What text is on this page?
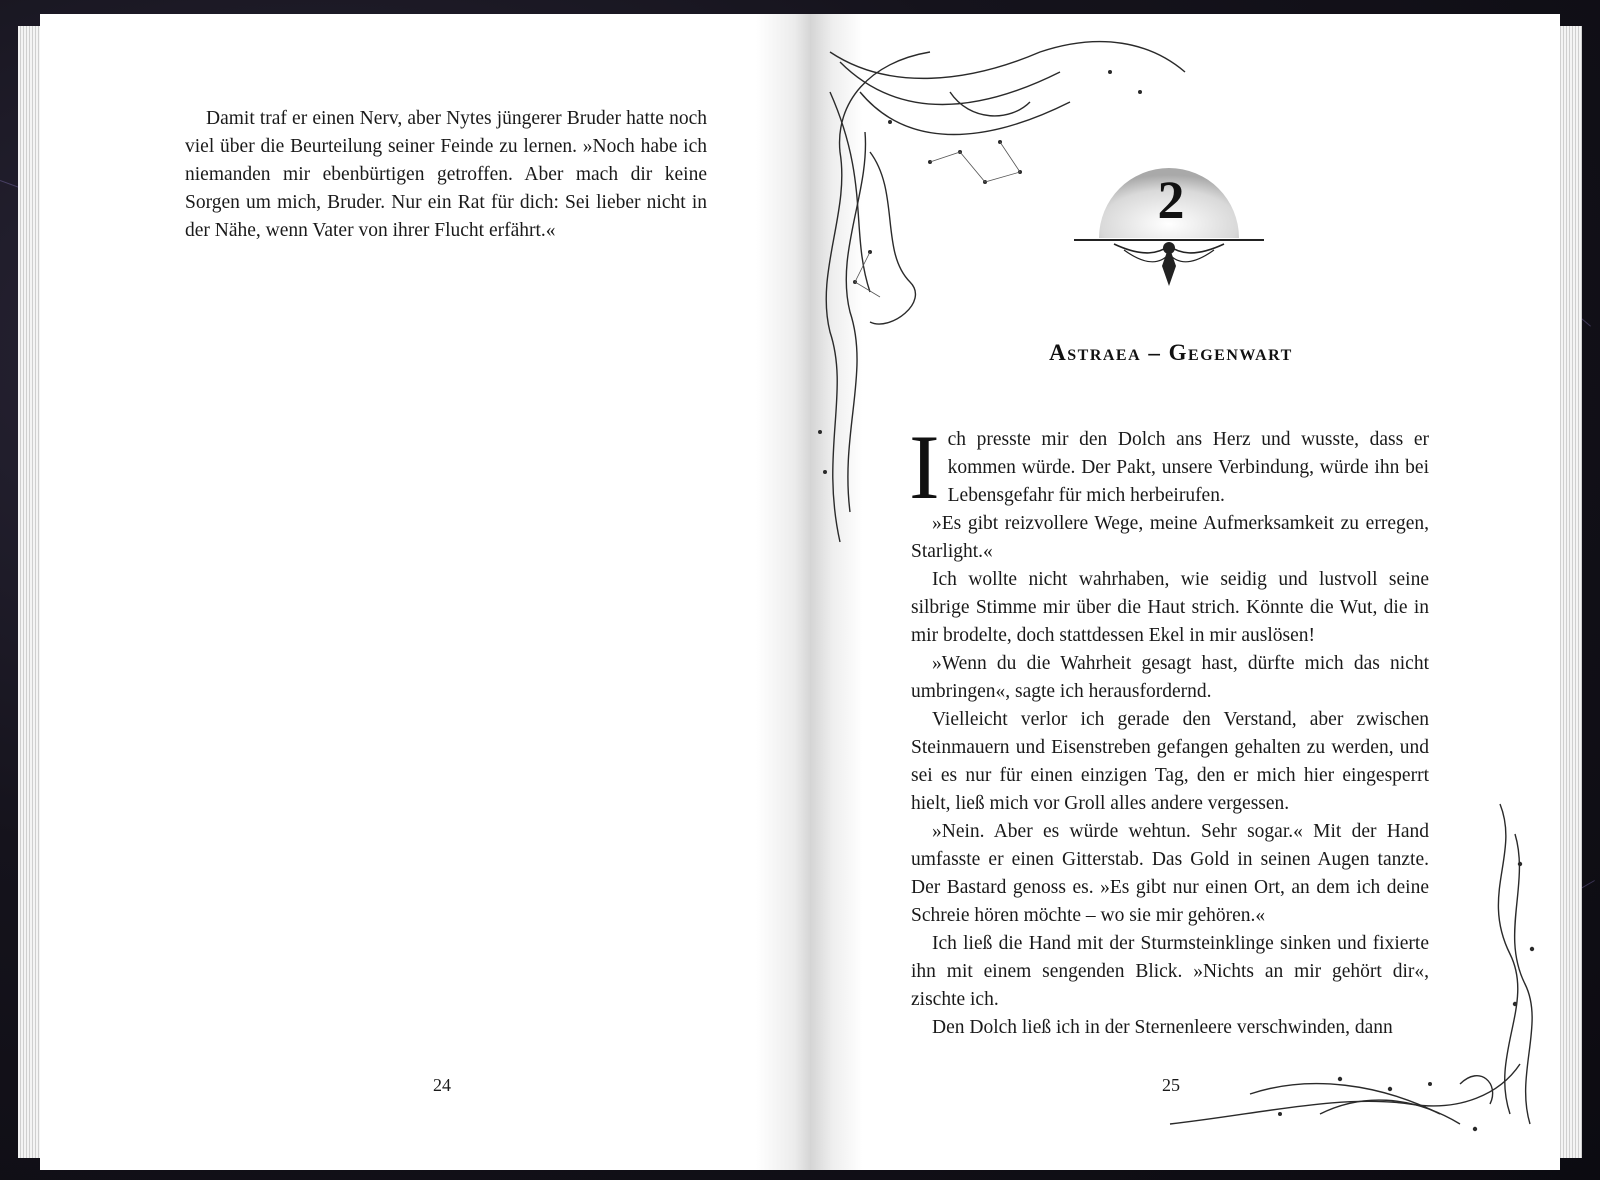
Damit traf er einen Nerv, aber Nytes jüngerer Bruder hatte noch viel über die Beurteilung seiner Feinde zu lernen. »Noch habe ich niemanden mir ebenbürtigen getroffen. Aber mach dir keine Sorgen um mich, Bruder. Nur ein Rat für dich: Sei lieber nicht in der Nähe, wenn Vater von ihrer Flucht erfährt.«

24
2
Astraea – Gegenwart

Ich presste mir den Dolch ans Herz und wusste, dass er kommen würde. Der Pakt, unsere Verbindung, würde ihn bei Lebensgefahr für mich herbeirufen.

»Es gibt reizvollere Wege, meine Aufmerksamkeit zu erregen, Starlight.«

Ich wollte nicht wahrhaben, wie seidig und lustvoll seine silbrige Stimme mir über die Haut strich. Könnte die Wut, die in mir brodelte, doch stattdessen Ekel in mir auslösen!

»Wenn du die Wahrheit gesagt hast, dürfte mich das nicht umbringen«, sagte ich herausfordernd.

Vielleicht verlor ich gerade den Verstand, aber zwischen Steinmauern und Eisenstreben gefangen gehalten zu werden, und sei es nur für einen einzigen Tag, den er mich hier eingesperrt hielt, ließ mich vor Groll alles andere vergessen.

»Nein. Aber es würde wehtun. Sehr sogar.« Mit der Hand umfasste er einen Gitterstab. Das Gold in seinen Augen tanzte. Der Bastard genoss es. »Es gibt nur einen Ort, an dem ich deine Schreie hören möchte – wo sie mir gehören.«

Ich ließ die Hand mit der Sturmsteinklinge sinken und fixierte ihn mit einem sengenden Blick. »Nichts an mir gehört dir«, zischte ich.

Den Dolch ließ ich in der Sternenleere verschwinden, dann

25
